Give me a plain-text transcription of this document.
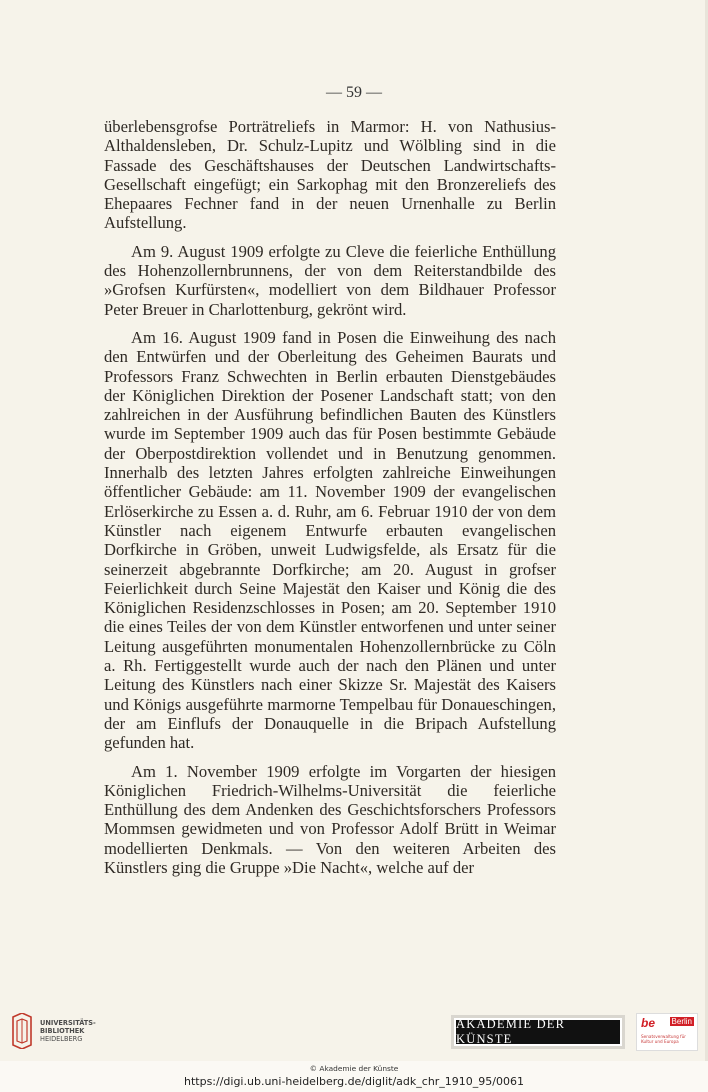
— 59 —

überlebensgrofse Porträtreliefs in Marmor: H. von Nathusius-Althaldensleben, Dr. Schulz-Lupitz und Wölbling sind in die Fassade des Geschäftshauses der Deutschen Landwirtschafts-Gesellschaft eingefügt; ein Sarkophag mit den Bronzereliefs des Ehepaares Fechner fand in der neuen Urnenhalle zu Berlin Aufstellung.

Am 9. August 1909 erfolgte zu Cleve die feierliche Enthüllung des Hohenzollernbrunnens, der von dem Reiterstandbilde des »Grofsen Kurfürsten«, modelliert von dem Bildhauer Professor Peter Breuer in Charlottenburg, gekrönt wird.

Am 16. August 1909 fand in Posen die Einweihung des nach den Entwürfen und der Oberleitung des Geheimen Baurats und Professors Franz Schwechten in Berlin erbauten Dienstgebäudes der Königlichen Direktion der Posener Landschaft statt; von den zahlreichen in der Ausführung befindlichen Bauten des Künstlers wurde im September 1909 auch das für Posen bestimmte Gebäude der Oberpostdirektion vollendet und in Benutzung genommen. Innerhalb des letzten Jahres erfolgten zahlreiche Einweihungen öffentlicher Gebäude: am 11. November 1909 der evangelischen Erlöserkirche zu Essen a. d. Ruhr, am 6. Februar 1910 der von dem Künstler nach eigenem Entwurfe erbauten evangelischen Dorfkirche in Gröben, unweit Ludwigsfelde, als Ersatz für die seinerzeit abgebrannte Dorfkirche; am 20. August in grofser Feierlichkeit durch Seine Majestät den Kaiser und König die des Königlichen Residenzschlosses in Posen; am 20. September 1910 die eines Teiles der von dem Künstler entworfenen und unter seiner Leitung ausgeführten monumentalen Hohenzollernbrücke zu Cöln a. Rh. Fertiggestellt wurde auch der nach den Plänen und unter Leitung des Künstlers nach einer Skizze Sr. Majestät des Kaisers und Königs ausgeführte marmorne Tempelbau für Donaueschingen, der am Einflufs der Donauquelle in die Bripach Aufstellung gefunden hat.

Am 1. November 1909 erfolgte im Vorgarten der hiesigen Königlichen Friedrich-Wilhelms-Universität die feierliche Enthüllung des dem Andenken des Geschichtsforschers Professors Mommsen gewidmeten und von Professor Adolf Brütt in Weimar modellierten Denkmals. — Von den weiteren Arbeiten des Künstlers ging die Gruppe »Die Nacht«, welche auf der

UNIVERSITÄTS-
BIBLIOTHEK
HEIDELBERG
AKADEMIE DER KÜNSTE
be Berlin
Senatsverwaltung für Kultur und Europa
© Akademie der Künste
https://digi.ub.uni-heidelberg.de/diglit/adk_chr_1910_95/0061
